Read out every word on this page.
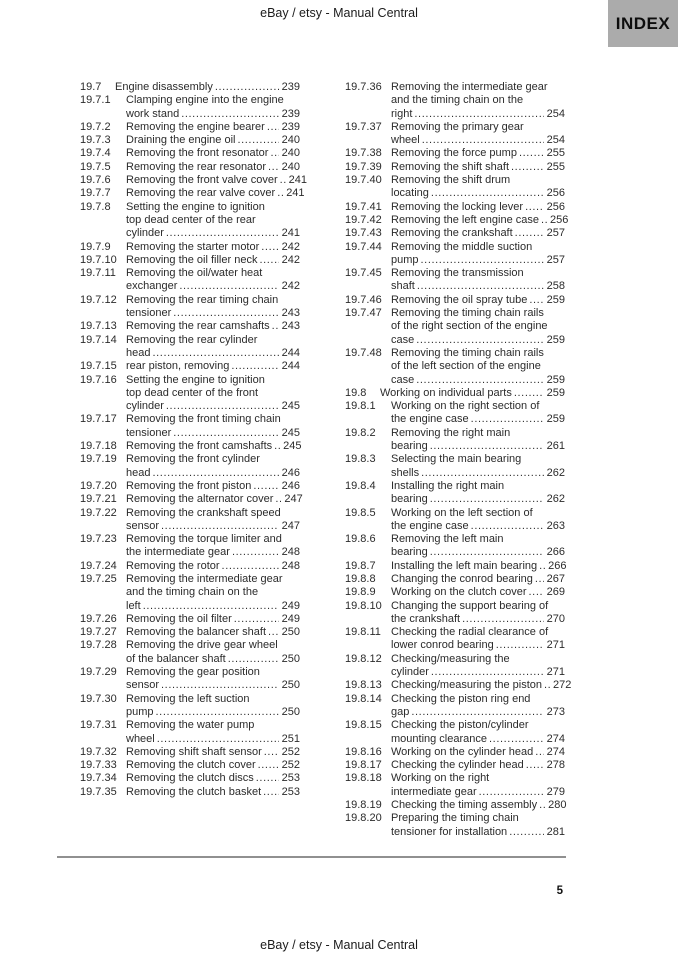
eBay / etsy - Manual Central
INDEX
19.7	Engine disassembly .....	239
19.7.1	Clamping engine into the engine
work stand .....	239
19.7.2	Removing the engine bearer ..... 239
19.7.3	Draining the engine oil .....	240
19.7.4	Removing the front resonator ..... 240
19.7.5	Removing the rear resonator ..... 240
19.7.6	Removing the front valve cover ..... 241
19.7.7	Removing the rear valve cover ..... 241
19.7.8	Setting the engine to ignition
top dead center of the rear
cylinder .....	241
19.7.9	Removing the starter motor ..... 242
19.7.10 Removing the oil filler neck ..... 242
19.7.11 Removing the oil/water heat
exchanger .....	242
19.7.12 Removing the rear timing chain
tensioner .....	243
19.7.13 Removing the rear camshafts ..... 243
19.7.14 Removing the rear cylinder
head .....	244
19.7.15 rear piston, removing .....	244
19.7.16 Setting the engine to ignition
top dead center of the front
cylinder .....	245
19.7.17 Removing the front timing chain
tensioner .....	245
19.7.18 Removing the front camshafts ..... 245
19.7.19 Removing the front cylinder
head .....	246
19.7.20 Removing the front piston .....	246
19.7.21 Removing the alternator cover ..... 247
19.7.22 Removing the crankshaft speed
sensor .....	247
19.7.23 Removing the torque limiter and
the intermediate gear .....	248
19.7.24 Removing the rotor .....	248
19.7.25 Removing the intermediate gear
and the timing chain on the
left .....	249
19.7.26 Removing the oil filter .....	249
19.7.27 Removing the balancer shaft ..... 250
19.7.28 Removing the drive gear wheel
of the balancer shaft .....	250
19.7.29 Removing the gear position
sensor .....	250
19.7.30 Removing the left suction
pump .....	250
19.7.31 Removing the water pump
wheel .....	251
19.7.32 Removing shift shaft sensor ..... 252
19.7.33 Removing the clutch cover ..... 252
19.7.34 Removing the clutch discs .....	253
19.7.35 Removing the clutch basket ..... 253
19.7.36 Removing the intermediate gear
and the timing chain on the
right .....	254
19.7.37 Removing the primary gear
wheel .....	254
19.7.38 Removing the force pump .....	255
19.7.39 Removing the shift shaft .....	255
19.7.40 Removing the shift drum
locating .....	256
19.7.41 Removing the locking lever ..... 256
19.7.42 Removing the left engine case ..... 256
19.7.43 Removing the crankshaft .....	257
19.7.44 Removing the middle suction
pump .....	257
19.7.45 Removing the transmission
shaft .....	258
19.7.46 Removing the oil spray tube ..... 259
19.7.47 Removing the timing chain rails
of the right section of the engine
case .....	259
19.7.48 Removing the timing chain rails
of the left section of the engine
case .....	259
19.8	Working on individual parts .....	259
19.8.1	Working on the right section of
the engine case .....	259
19.8.2	Removing the right main
bearing .....	261
19.8.3	Selecting the main bearing
shells .....	262
19.8.4	Installing the right main
bearing .....	262
19.8.5	Working on the left section of
the engine case .....	263
19.8.6	Removing the left main
bearing .....	266
19.8.7	Installing the left main bearing ..... 266
19.8.8	Changing the conrod bearing ..... 267
19.8.9	Working on the clutch cover ..... 269
19.8.10 Changing the support bearing of
the crankshaft .....	270
19.8.11 Checking the radial clearance of
lower conrod bearing .....	271
19.8.12 Checking/measuring the
cylinder .....	271
19.8.13 Checking/measuring the piston ..... 272
19.8.14 Checking the piston ring end
gap .....	273
19.8.15 Checking the piston/cylinder
mounting clearance .....	274
19.8.16 Working on the cylinder head ..... 274
19.8.17 Checking the cylinder head ..... 278
19.8.18 Working on the right
intermediate gear .....	279
19.8.19 Checking the timing assembly ..... 280
19.8.20 Preparing the timing chain
tensioner for installation .....	281
5
eBay / etsy - Manual Central
